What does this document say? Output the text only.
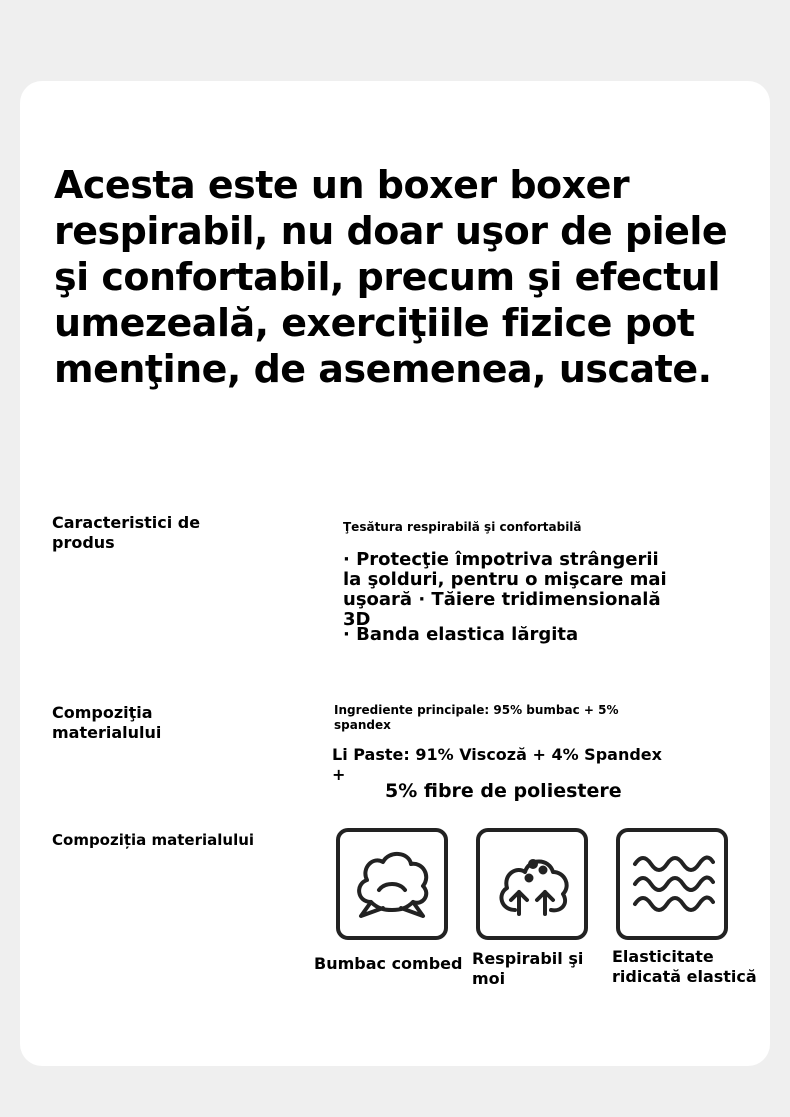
Acesta este un boxer boxer respirabil, nu doar uşor de piele şi confortabil, precum şi efectul umezeală, exerciţiile fizice pot menţine, de asemenea, uscate.
Caracteristici de produs
Ţesătura respirabilă şi confortabilă
· Protecţie împotriva strângerii la şolduri, pentru o mişcare mai uşoară · Tăiere tridimensională 3D
· Banda elastica lărgita
Compoziţia materialului
Ingrediente principale: 95% bumbac + 5% spandex
Li Paste: 91% Viscoză + 4% Spandex +
5% fibre de poliestere
Compoziția materialului
Bumbac combed Respirabil şi moi
Elasticitate ridicată elastică
